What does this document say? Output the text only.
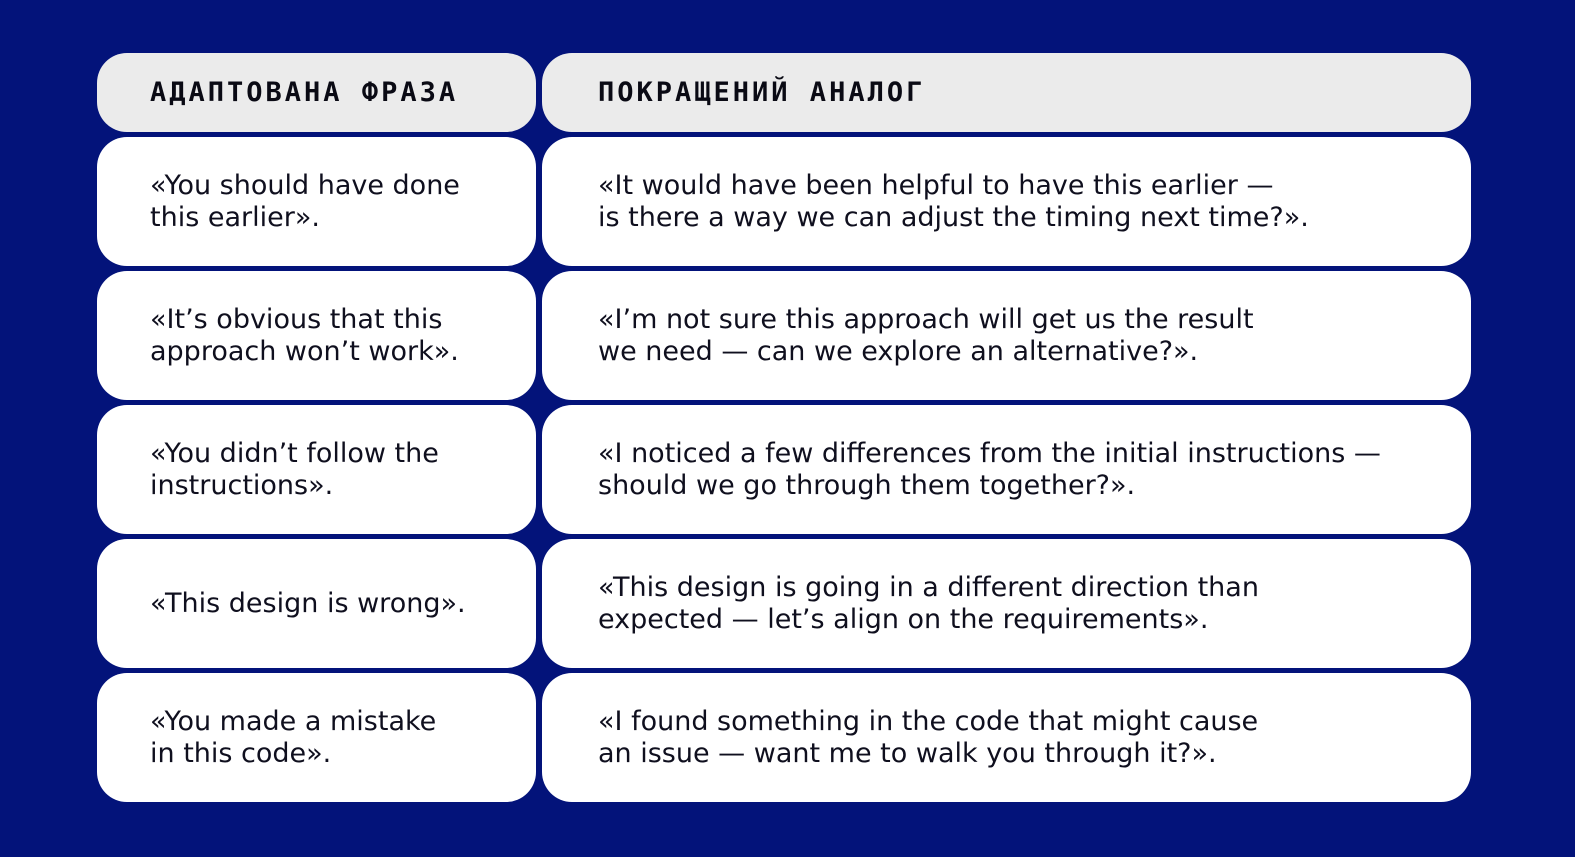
АДАПТОВАНА ФРАЗА	ПОКРАЩЕНИЙ АНАЛОГ

«You should have done
this earlier».

«It would have been helpful to have this earlier —
is there a way we can adjust the timing next time?».

«It’s obvious that this
approach won’t work».

«I’m not sure this approach will get us the result
we need — can we explore an alternative?».

«You didn’t follow the
instructions».

«I noticed a few differences from the initial instructions —
should we go through them together?».

«This design is wrong».

«This design is going in a different direction than
expected — let’s align on the requirements».

«You made a mistake
in this code».

«I found something in the code that might cause
an issue — want me to walk you through it?».
